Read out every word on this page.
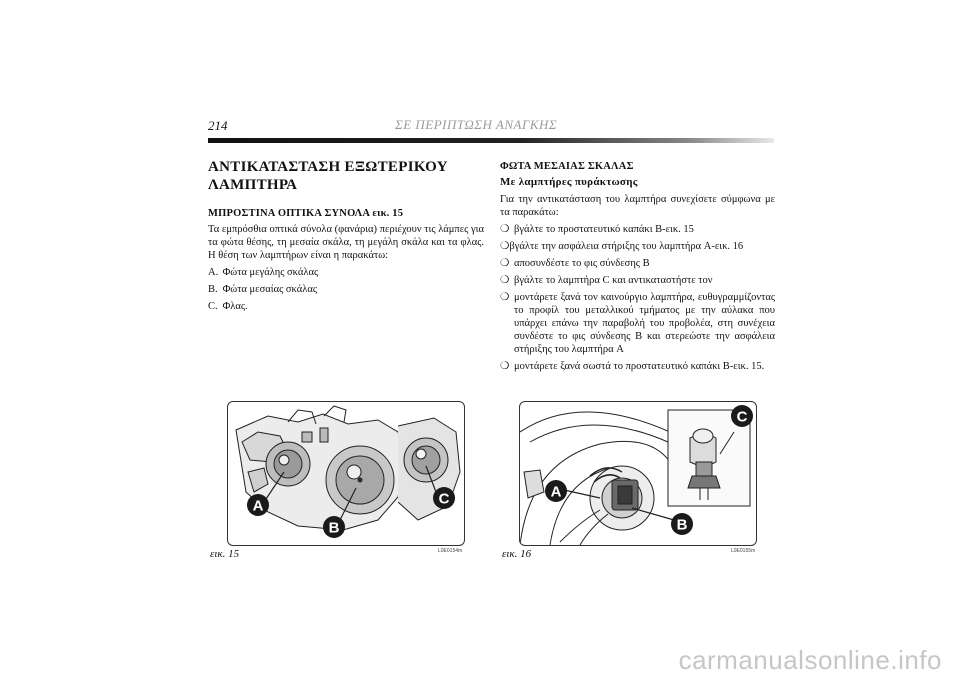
214	ΣΕ ΠΕΡΙΠΤΩΣΗ ΑΝΑΓΚΗΣ
ΑΝΤΙΚΑΤΑΣΤΑΣΗ ΕΞΩΤΕΡΙΚΟΥ
ΛΑΜΠΤΗΡΑ
ΜΠΡΟΣΤΙΝΑ ΟΠΤΙΚΑ ΣΥΝΟΛΑ εικ. 15

Τα εμπρόσθια οπτικά σύνολα (φανάρια) περιέχουν τις λάμπες για τα φώτα θέσης, τη μεσαία σκάλα, τη μεγάλη σκάλα και τα φλας. Η θέση των λαμπτήρων είναι η παρακάτω:

A. Φώτα μεγάλης σκάλας
B. Φώτα μεσαίας σκάλας
C. Φλας.
ΦΩΤΑ ΜΕΣΑΙΑΣ ΣΚΑΛΑΣ
Με λαμπτήρες πυράκτωσης

Για την αντικατάσταση του λαμπτήρα συνεχίσετε σύμφωνα με τα παρακάτω:

❍ βγάλτε το προστατευτικό καπάκι B-εικ. 15
❍βγάλτε την ασφάλεια στήριξης του λαμπτήρα A-εικ. 16
❍ αποσυνδέστε το φις σύνδεσης B
❍ βγάλτε το λαμπτήρα C και αντικαταστήστε τον
❍ μοντάρετε ξανά τον καινούργιο λαμπτήρα, ευθυγραμμίζοντας το προφίλ του μεταλλικού τμήματος με την αύλακα που υπάρχει επάνω την παραβολή του προβολέα, στη συνέχεια συνδέστε το φις σύνδεσης B και στερεώστε την ασφάλεια στήριξης του λαμπτήρα A
❍ μοντάρετε ξανά σωστά το προστατευτικό καπάκι B-εικ. 15.
A
B
C
εικ. 15	L0E0154m
A
B
C
εικ. 16	L0E0155m
carmanualsonline.info
